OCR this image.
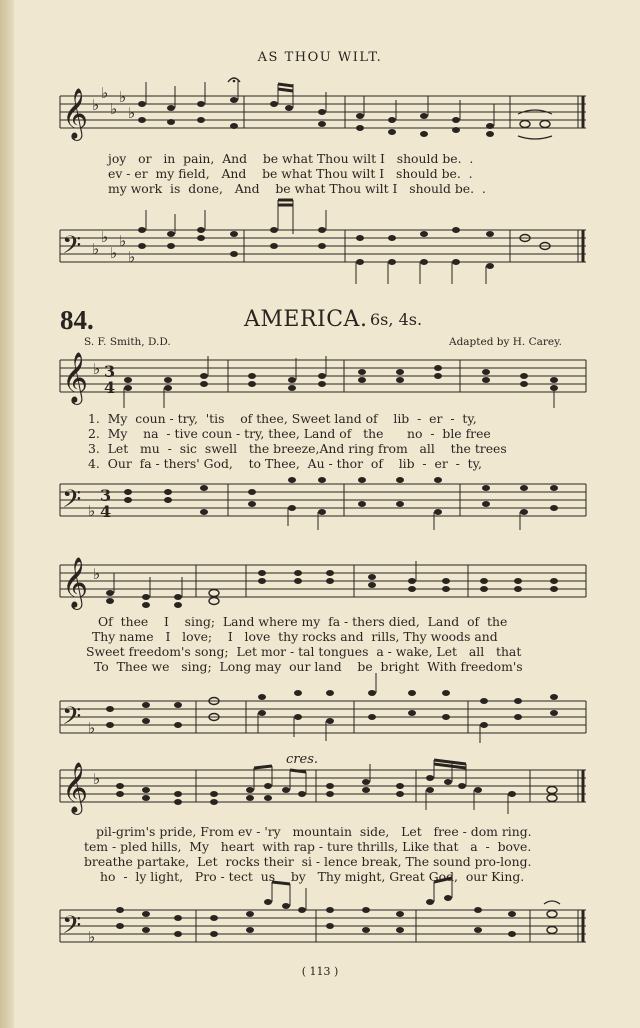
AS THOU WILT.
𝄞 ♭
♭
♭
♭
♭
𝄢 ♭
♭
♭
♭
♭
joy   or   in  pain,  And    be what Thou wilt I   should be.  .
ev - er  my field,   And    be what Thou wilt I   should be.  .
my work  is  done,   And    be what Thou wilt I   should be.  .
84.	AMERICA. 6s, 4s.
S. F. Smith, D.D.	Adapted by H. Carey.
𝄞 ♭ 3
4
𝄢 ♭
3
4
1.  My  coun - try,  'tis    of thee, Sweet land of    lib  -  er  -  ty,
2.  My    na  - tive coun - try, thee, Land of   the      no  -  ble free
3.  Let   mu  -  sic  swell   the breeze,And ring from   all    the trees
4.  Our  fa - thers' God,    to Thee,  Au - thor  of    lib  -  er  -  ty,
𝄞 ♭
𝄢 ♭
Of  thee    I    sing;  Land where my  fa - thers died,  Land  of  the
Thy name   I   love;    I   love  thy rocks and  rills, Thy woods and
Sweet freedom's song;  Let mor - tal tongues  a - wake, Let   all   that
To  Thee we   sing;  Long may  our land    be  bright  With freedom's
cres.
𝄞 ♭
𝄢 ♭
pil-grim's pride, From ev - 'ry   mountain  side,   Let   free - dom ring.
tem - pled hills,  My   heart  with rap - ture thrills, Like that   a  -  bove.
breathe partake,  Let  rocks their  si - lence break, The sound pro-long.
ho  -  ly light,   Pro - tect  us    by   Thy might, Great God,  our King.
( 113 )
